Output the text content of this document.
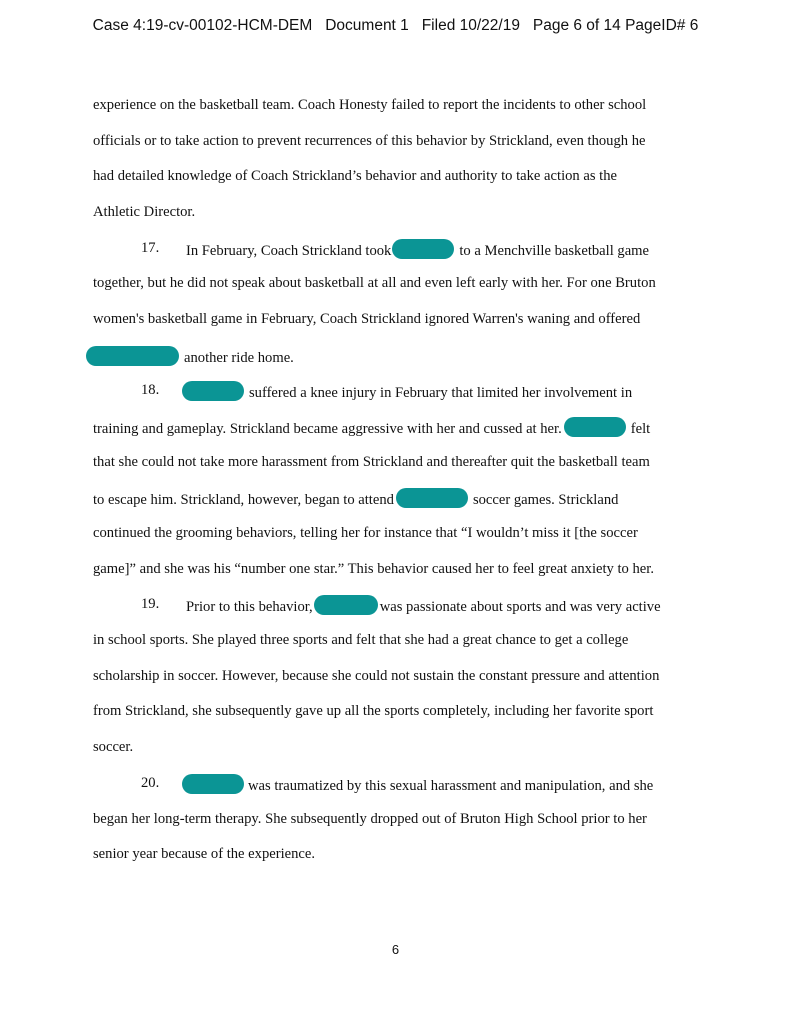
Case 4:19-cv-00102-HCM-DEM   Document 1   Filed 10/22/19   Page 6 of 14 PageID# 6
experience on the basketball team. Coach Honesty failed to report the incidents to other school
officials or to take action to prevent recurrences of this behavior by Strickland, even though he
had detailed knowledge of Coach Strickland’s behavior and authority to take action as the
Athletic Director.
17. In February, Coach Strickland took	to a Menchville basketball game
together, but he did not speak about basketball at all and even left early with her. For one Bruton
women's basketball game in February, Coach Strickland ignored Warren's waning and offered
another ride home.
18.	suffered a knee injury in February that limited her involvement in
training and gameplay. Strickland became aggressive with her and cussed at her.	felt
that she could not take more harassment from Strickland and thereafter quit the basketball team
to escape him. Strickland, however, began to attend	soccer games. Strickland
continued the grooming behaviors, telling her for instance that “I wouldn’t miss it [the soccer
game]” and she was his “number one star.” This behavior caused her to feel great anxiety to her.
19. Prior to this behavior,	was passionate about sports and was very active
in school sports. She played three sports and felt that she had a great chance to get a college
scholarship in soccer. However, because she could not sustain the constant pressure and attention
from Strickland, she subsequently gave up all the sports completely, including her favorite sport
soccer.
20.	was traumatized by this sexual harassment and manipulation, and she
began her long-term therapy. She subsequently dropped out of Bruton High School prior to her
senior year because of the experience.
6
